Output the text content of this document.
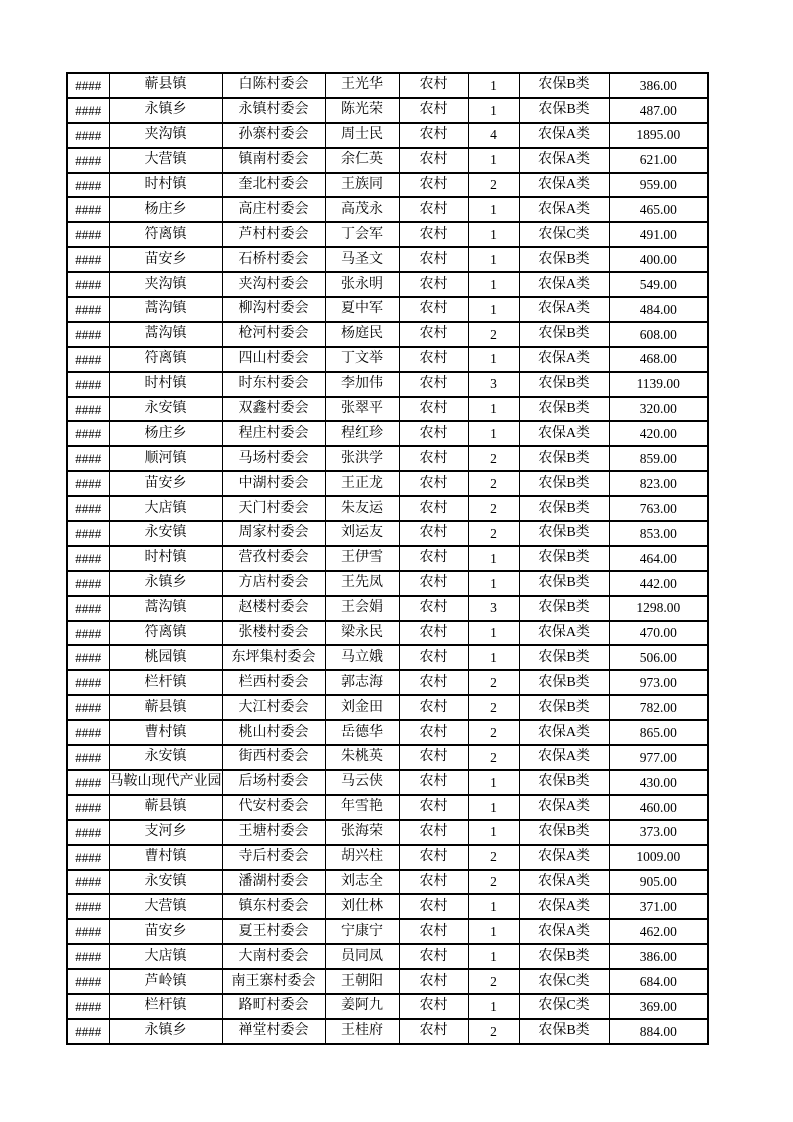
####	蕲县镇	白陈村委会	王光华	农村	1	农保B类	386.00
####	永镇乡	永镇村委会	陈光荣	农村	1	农保B类	487.00
####	夹沟镇	孙寨村委会	周士民	农村	4	农保A类	1895.00
####	大营镇	镇南村委会	余仁英	农村	1	农保A类	621.00
####	时村镇	奎北村委会	王族同	农村	2	农保A类	959.00
####	杨庄乡	高庄村委会	高茂永	农村	1	农保A类	465.00
####	符离镇	芦村村委会	丁会军	农村	1	农保C类	491.00
####	苗安乡	石桥村委会	马圣文	农村	1	农保B类	400.00
####	夹沟镇	夹沟村委会	张永明	农村	1	农保A类	549.00
####	蒿沟镇	柳沟村委会	夏中军	农村	1	农保A类	484.00
####	蒿沟镇	枪河村委会	杨庭民	农村	2	农保B类	608.00
####	符离镇	四山村委会	丁文举	农村	1	农保A类	468.00
####	时村镇	时东村委会	李加伟	农村	3	农保B类	1139.00
####	永安镇	双鑫村委会	张翠平	农村	1	农保B类	320.00
####	杨庄乡	程庄村委会	程红珍	农村	1	农保A类	420.00
####	顺河镇	马场村委会	张洪学	农村	2	农保B类	859.00
####	苗安乡	中湖村委会	王正龙	农村	2	农保B类	823.00
####	大店镇	天门村委会	朱友运	农村	2	农保B类	763.00
####	永安镇	周家村委会	刘运友	农村	2	农保B类	853.00
####	时村镇	营孜村委会	王伊雪	农村	1	农保B类	464.00
####	永镇乡	方店村委会	王先凤	农村	1	农保B类	442.00
####	蒿沟镇	赵楼村委会	王会娟	农村	3	农保B类	1298.00
####	符离镇	张楼村委会	梁永民	农村	1	农保A类	470.00
####	桃园镇	东坪集村委会	马立娥	农村	1	农保B类	506.00
####	栏杆镇	栏西村委会	郭志海	农村	2	农保B类	973.00
####	蕲县镇	大江村委会	刘金田	农村	2	农保B类	782.00
####	曹村镇	桃山村委会	岳德华	农村	2	农保A类	865.00
####	永安镇	街西村委会	朱桃英	农村	2	农保A类	977.00
####	马鞍山现代产业园	后场村委会	马云侠	农村	1	农保B类	430.00
####	蕲县镇	代安村委会	年雪艳	农村	1	农保A类	460.00
####	支河乡	王塘村委会	张海荣	农村	1	农保B类	373.00
####	曹村镇	寺后村委会	胡兴柱	农村	2	农保A类	1009.00
####	永安镇	潘湖村委会	刘志全	农村	2	农保A类	905.00
####	大营镇	镇东村委会	刘仕林	农村	1	农保A类	371.00
####	苗安乡	夏王村委会	宁康宁	农村	1	农保A类	462.00
####	大店镇	大南村委会	员同凤	农村	1	农保B类	386.00
####	芦岭镇	南王寨村委会	王朝阳	农村	2	农保C类	684.00
####	栏杆镇	路町村委会	姜阿九	农村	1	农保C类	369.00
####	永镇乡	禅堂村委会	王桂府	农村	2	农保B类	884.00
